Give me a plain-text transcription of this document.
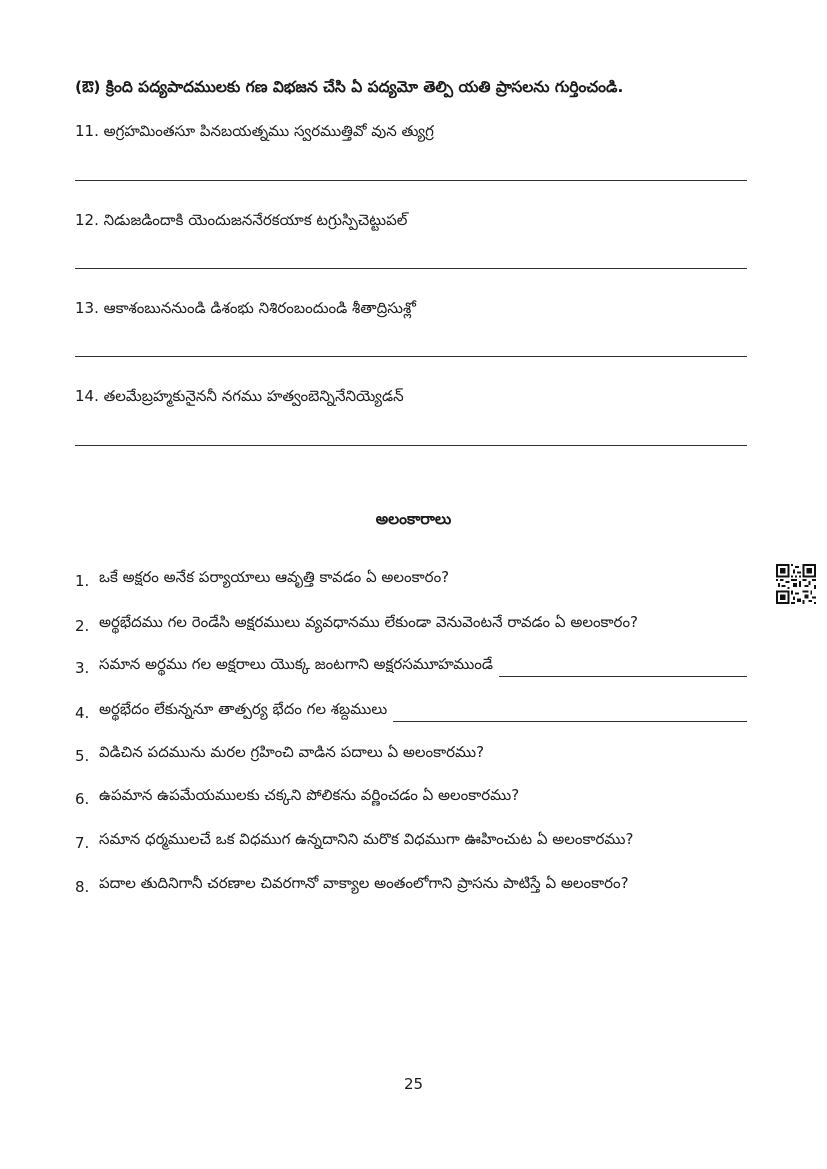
(ఔ) క్రింది పద్యపాదములకు గణ విభజన చేసి ఏ పద్యమో తెల్పి యతి ప్రాసలను గుర్తించండి.
11. అగ్రహమింతసూ పినబయత్నము స్వరముత్తివో వున త్యుగ్ర
12. నిడుజడిందాకి యెందుజననేరకయాక టగ్రుస్పిచెట్టుపల్
13. ఆకాశంబుననుండి డిశంభు నిశిరంబందుండి శీతాద్రిసుశ్లో
14. తలమేబ్రహ్మకునైననీ నగము హత్వంబెన్నినేనియ్యెడన్
అలంకారాలు
1. ఒకే అక్షరం అనేక పర్యాయాలు ఆవృత్తి కావడం ఏ అలంకారం?
2. అర్థభేదము గల రెండేసి అక్షరములు వ్యవధానము లేకుండా వెనువెంటనే రావడం ఏ అలంకారం?
3. సమాన అర్థము గల అక్షరాలు యొక్క జంటగాని అక్షరసమూహముండే
4. అర్థభేదం లేకున్ననూ తాత్పర్య భేదం గల శబ్దములు
5. విడిచిన పదమును మరల గ్రహించి వాడిన పదాలు ఏ అలంకారము?
6. ఉపమాన ఉపమేయములకు చక్కని పోలికను వర్ణించడం ఏ అలంకారము?
7. సమాన ధర్మములచే ఒక విధముగ ఉన్నదానిని మరొక విధముగా ఊహించుట ఏ అలంకారము?
8. పదాల తుదినిగానీ చరణాల చివరగానో వాక్యాల అంతంలోగాని ప్రాసను పాటిస్తే ఏ అలంకారం?
25
